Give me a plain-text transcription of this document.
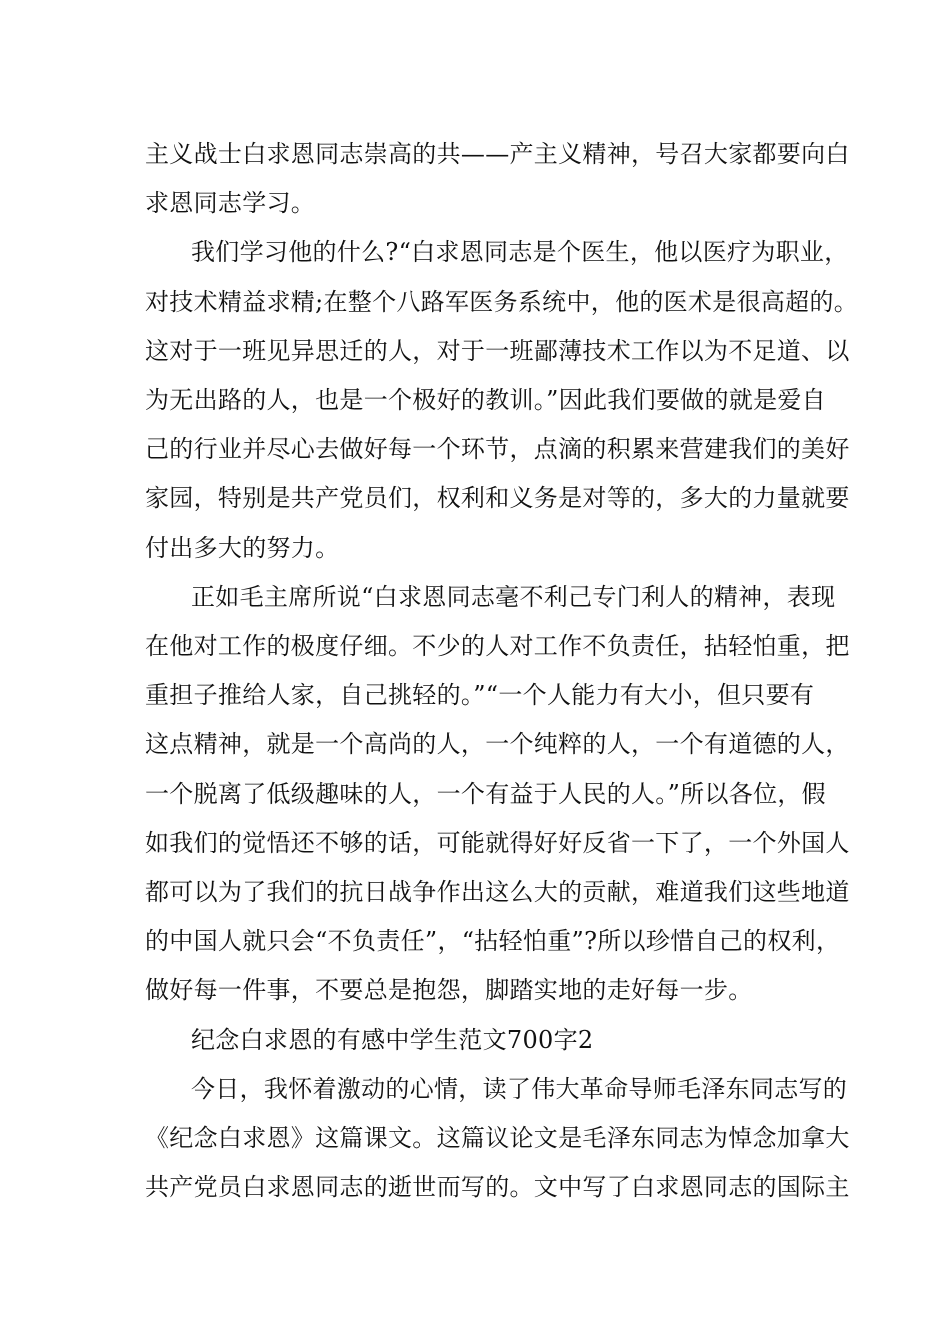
主义战士白求恩同志崇高的共——产主义精神，号召大家都要向白
求恩同志学习。

我们学习他的什么?“白求恩同志是个医生，他以医疗为职业，
对技术精益求精;在整个八路军医务系统中，他的医术是很高超的。
这对于一班见异思迁的人，对于一班鄙薄技术工作以为不足道、以
为无出路的人，也是一个极好的教训。”因此我们要做的就是爱自
己的行业并尽心去做好每一个环节，点滴的积累来营建我们的美好
家园，特别是共产党员们，权利和义务是对等的，多大的力量就要
付出多大的努力。

正如毛主席所说“白求恩同志毫不利己专门利人的精神，表现
在他对工作的极度仔细。不少的人对工作不负责任，拈轻怕重，把
重担子推给人家，自己挑轻的。”“一个人能力有大小，但只要有
这点精神，就是一个高尚的人，一个纯粹的人，一个有道德的人，
一个脱离了低级趣味的人，一个有益于人民的人。”所以各位，假
如我们的觉悟还不够的话，可能就得好好反省一下了，一个外国人
都可以为了我们的抗日战争作出这么大的贡献，难道我们这些地道
的中国人就只会“不负责任”，“拈轻怕重”?所以珍惜自己的权利，
做好每一件事，不要总是抱怨，脚踏实地的走好每一步。

纪念白求恩的有感中学生范文700字2

今日，我怀着激动的心情，读了伟大革命导师毛泽东同志写的
《纪念白求恩》这篇课文。这篇议论文是毛泽东同志为悼念加拿大
共产党员白求恩同志的逝世而写的。文中写了白求恩同志的国际主
